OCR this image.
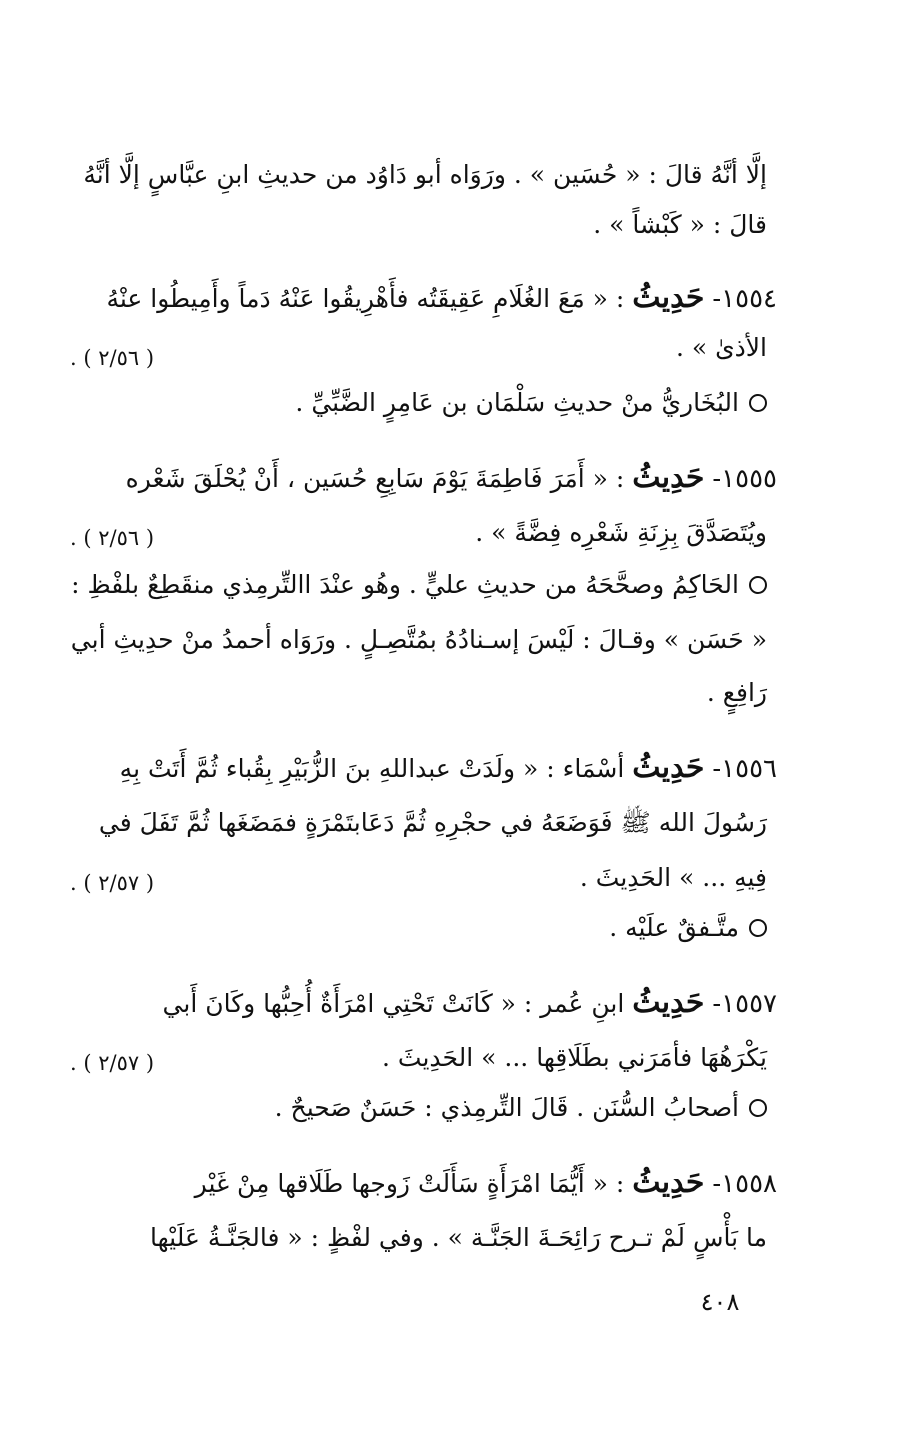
إلَّا أنَّهُ قالَ : « حُسَين » . ورَوَاه أبو دَاوُد من حديثِ ابنِ عبَّاسٍ إلَّا أنَّهُ
قالَ : « كَبْشاً » .
١٥٥٤- حَدِيثُ : « مَعَ الغُلَامِ عَقِيقَتُه فأَهْرِيقُوا عَنْهُ دَماً وأَمِيطُوا عنْهُ
الأذىٰ » .
( ٢/٥٦ ) .
البُخَاريُّ منْ حديثِ سَلْمَان بن عَامِرٍ الضَّبِّيِّ .
١٥٥٥- حَدِيثُ : « أَمَرَ فَاطِمَةَ يَوْمَ سَابِعِ حُسَين ، أَنْ يُحْلَقَ شَعْره
ويُتَصَدَّقَ بِزِنَةِ شَعْرِه فِضَّةً » .
( ٢/٥٦ ) .
الحَاكِمُ وصحَّحَهُ من حديثِ عليٍّ . وهُو عنْدَ االتِّرمِذي منقَطِعٌ بلفْظِ :
« حَسَن » وقـالَ : لَيْسَ إسـنادُهُ بمُتَّصِـلٍ . ورَوَاه أحمدُ منْ حدِيثِ أبي
رَافِعٍ .
١٥٥٦- حَدِيثُ أسْمَاء : « ولَدَتْ عبداللهِ بنَ الزُّبَيْرِ بِقُباء ثُمَّ أَتَتْ بِهِ
رَسُولَ الله ﷺ فَوَضَعَهُ في حجْرِهِ ثُمَّ دَعَابتَمْرَةٍ فمَضَغَها ثُمَّ تَفَلَ في
فِيهِ ... » الحَدِيثَ .
( ٢/٥٧ ) .
متَّـفقٌ علَيْه .
١٥٥٧- حَدِيثُ ابنِ عُمر : « كَانَتْ تَحْتِي امْرَأَةٌ أُحِبُّها وكَانَ أَبي
يَكْرَهُهَا فأمَرَني بطَلَاقِها ... » الحَدِيثَ .
( ٢/٥٧ ) .
أصحابُ السُّنَن . قَالَ التِّرمِذي : حَسَنٌ صَحيحٌ .
١٥٥٨- حَدِيثُ : « أَيُّمَا امْرَأَةٍ سَأَلَتْ زَوجها طَلَاقها مِنْ غَيْر
ما بَأْسٍ لَمْ تـرح رَائِحَـةَ الجَنَّـة » . وفي لفْظٍ : « فالجَنَّـةُ عَلَيْها
٤٠٨
